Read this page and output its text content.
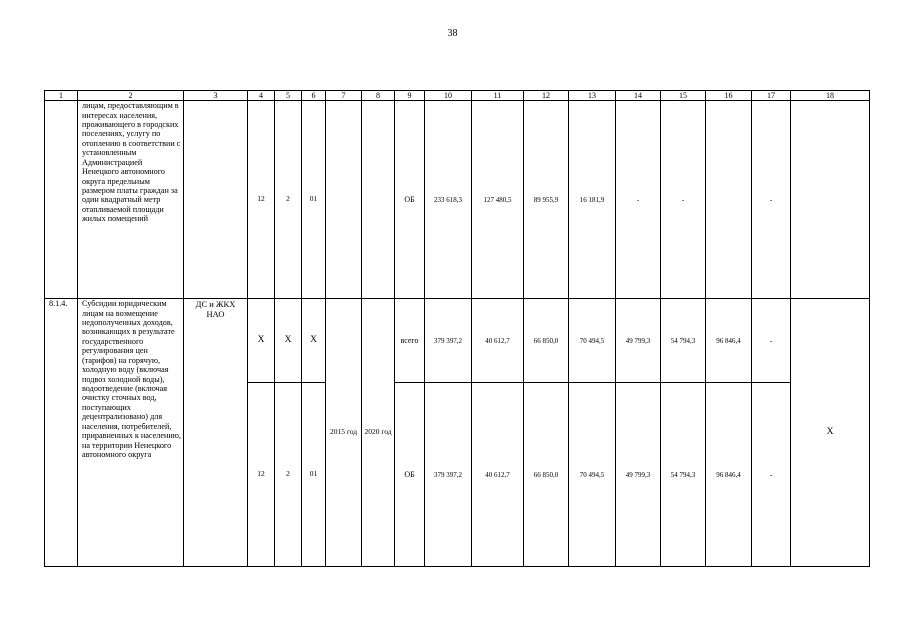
38
1	2	3	4	5	6	7	8	9	10	11	12	13	14	15	16	17	18
	лицам, предоставляющим в интересах населения, проживающего в городских поселениях, услугу по отоплению в соответствии с установленным Администрацией Ненецкого автономного округа предельным размером платы граждан за один квадратный метр отапливаемой площади жилых помещений		12	2	01			ОБ	233 618,3	127 480,5	89 955,9	16 181,9	-	-		-	
8.1.4.	Субсидии юридическим лицам на возмещение недополученных доходов, возникающих в результате государственного регулирования цен (тарифов) на горячую, холодную воду (включая подвоз холодной воды), водоотведение (включая очистку сточных вод, поступающих децентрализовано) для населения, потребителей, приравненных к населению, на территории Ненецкого автономного округа	ДС и ЖКХ НАО	Х	Х	Х	2015 год	2020 год	всего	379 397,2	40 612,7	66 850,0	70 494,5	49 799,3	54 794,3	96 846,4	-	Х
			12	2	01			ОБ	379 397,2	40 612,7	66 850,0	70 494,5	49 799,3	54 794,3	96 846,4	-	
